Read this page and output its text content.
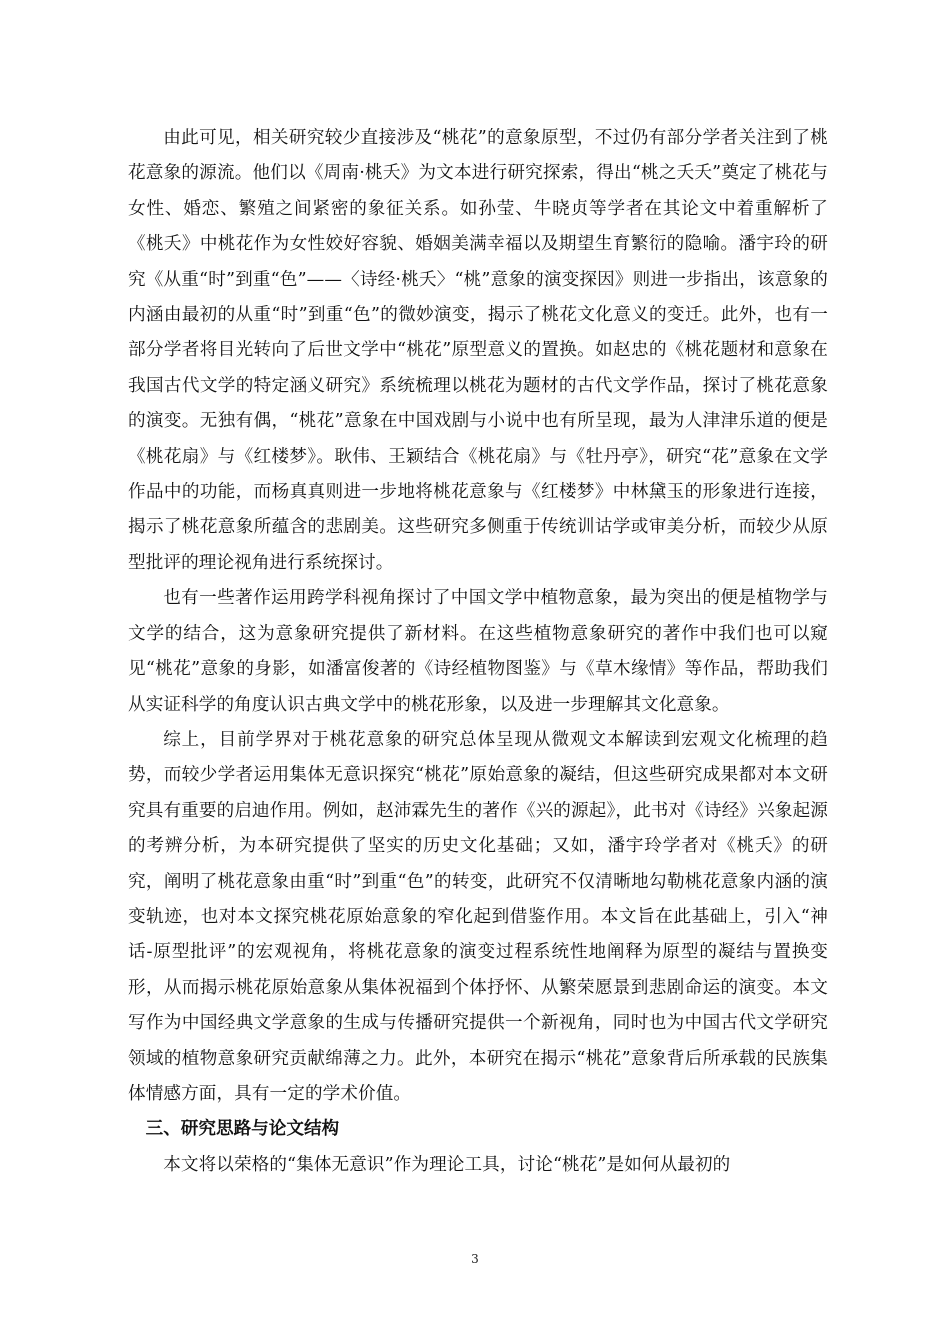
由此可见，相关研究较少直接涉及“桃花”的意象原型，不过仍有部分学者关注到了桃花意象的源流。他们以《周南·桃夭》为文本进行研究探索，得出“桃之夭夭”奠定了桃花与女性、婚恋、繁殖之间紧密的象征关系。如孙莹、牛晓贞等学者在其论文中着重解析了《桃夭》中桃花作为女性姣好容貌、婚姻美满幸福以及期望生育繁衍的隐喻。潘宇玲的研究《从重“时”到重“色”——〈诗经·桃夭〉“桃”意象的演变探因》则进一步指出，该意象的内涵由最初的从重“时”到重“色”的微妙演变，揭示了桃花文化意义的变迁。此外，也有一部分学者将目光转向了后世文学中“桃花”原型意义的置换。如赵忠的《桃花题材和意象在我国古代文学的特定涵义研究》系统梳理以桃花为题材的古代文学作品，探讨了桃花意象的演变。无独有偶，“桃花”意象在中国戏剧与小说中也有所呈现，最为人津津乐道的便是《桃花扇》与《红楼梦》。耿伟、王颖结合《桃花扇》与《牡丹亭》，研究“花”意象在文学作品中的功能，而杨真真则进一步地将桃花意象与《红楼梦》中林黛玉的形象进行连接，揭示了桃花意象所蕴含的悲剧美。这些研究多侧重于传统训诂学或审美分析，而较少从原型批评的理论视角进行系统探讨。

也有一些著作运用跨学科视角探讨了中国文学中植物意象，最为突出的便是植物学与文学的结合，这为意象研究提供了新材料。在这些植物意象研究的著作中我们也可以窥见“桃花”意象的身影，如潘富俊著的《诗经植物图鉴》与《草木缘情》等作品，帮助我们从实证科学的角度认识古典文学中的桃花形象，以及进一步理解其文化意象。

综上，目前学界对于桃花意象的研究总体呈现从微观文本解读到宏观文化梳理的趋势，而较少学者运用集体无意识探究“桃花”原始意象的凝结，但这些研究成果都对本文研究具有重要的启迪作用。例如，赵沛霖先生的著作《兴的源起》，此书对《诗经》兴象起源的考辨分析，为本研究提供了坚实的历史文化基础；又如，潘宇玲学者对《桃夭》的研究，阐明了桃花意象由重“时”到重“色”的转变，此研究不仅清晰地勾勒桃花意象内涵的演变轨迹，也对本文探究桃花原始意象的窄化起到借鉴作用。本文旨在此基础上，引入“神话-原型批评”的宏观视角，将桃花意象的演变过程系统性地阐释为原型的凝结与置换变形，从而揭示桃花原始意象从集体祝福到个体抒怀、从繁荣愿景到悲剧命运的演变。本文写作为中国经典文学意象的生成与传播研究提供一个新视角，同时也为中国古代文学研究领域的植物意象研究贡献绵薄之力。此外，本研究在揭示“桃花”意象背后所承载的民族集体情感方面，具有一定的学术价值。

三、研究思路与论文结构

本文将以荣格的“集体无意识”作为理论工具，讨论“桃花”是如何从最初的

3
